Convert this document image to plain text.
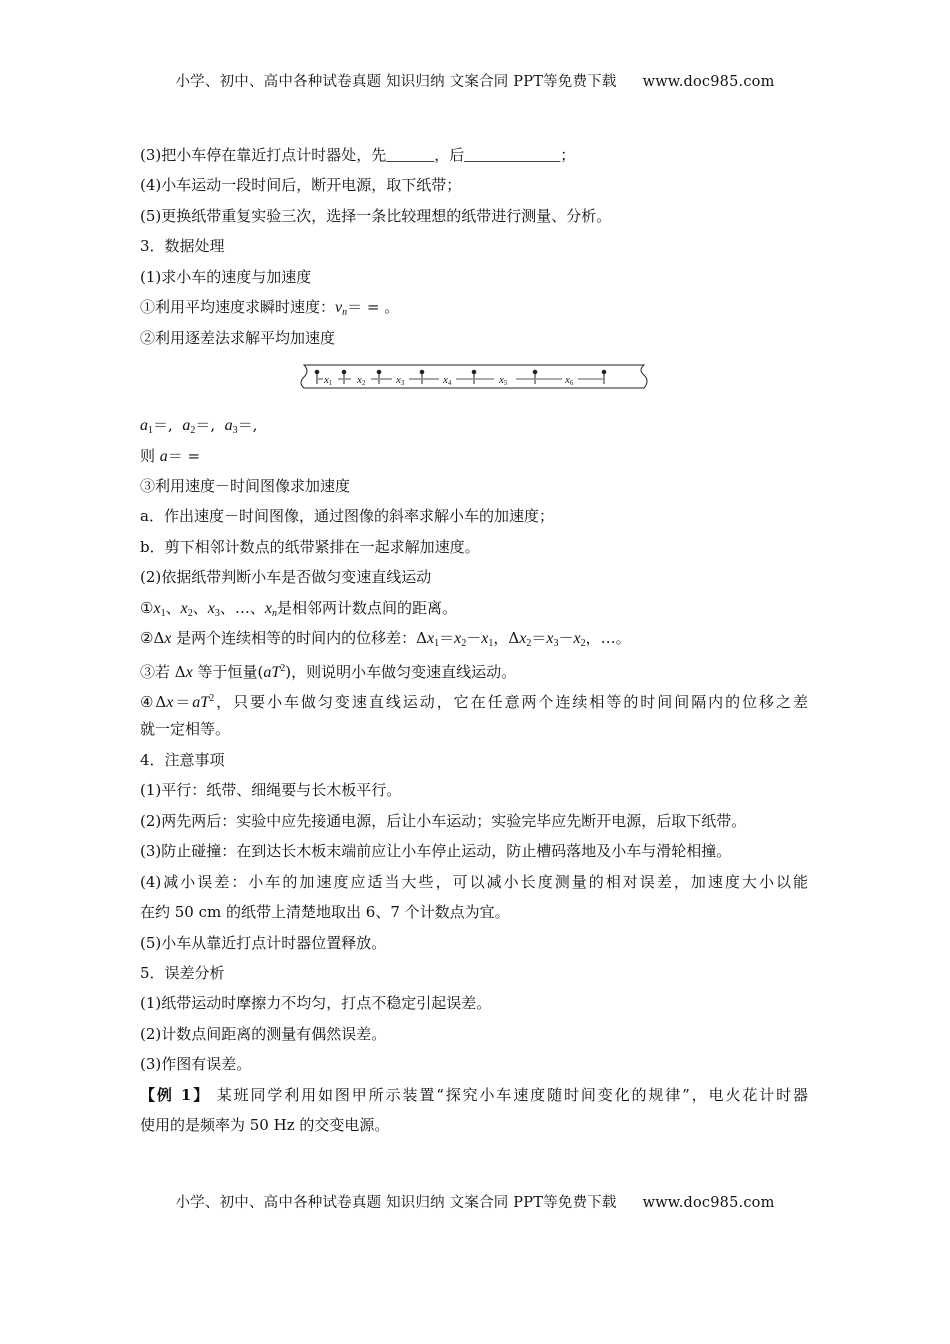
小学、初中、高中各种试卷真题 知识归纳 文案合同 PPT等免费下载 www.doc985.com
(3)把小车停在靠近打点计时器处，先______，后____________；
(4)小车运动一段时间后，断开电源，取下纸带；
(5)更换纸带重复实验三次，选择一条比较理想的纸带进行测量、分析。
3．数据处理
(1)求小车的速度与加速度
①利用平均速度求瞬时速度：$v_n=$ = 。
②利用逐差法求解平均加速度
$a_1=$,  $a_2=$,  $a_3=$,
则 a＝ =
③利用速度－时间图像求加速度
a．作出速度－时间图像，通过图像的斜率求解小车的加速度；
b．剪下相邻计数点的纸带紧排在一起求解加速度。
(2)依据纸带判断小车是否做匀变速直线运动
$①x_1$、$x_2$、$x_3$、…、$x_n$是相邻两计数点间的距离。
②Δx 是两个连续相等的时间内的位移差：$\Delta x_1=x_2-x_1$，$\Delta x_2=x_3-x_2$，…。
③若 Δx 等于恒量$(aT^2)$，则说明小车做匀变速直线运动。
$④\Delta x=aT^2$，只要小车做匀变速直线运动，它在任意两个连续相等的时间间隔内的位移之差
就一定相等。
4．注意事项
(1)平行：纸带、细绳要与长木板平行。
(2)两先两后：实验中应先接通电源，后让小车运动；实验完毕应先断开电源，后取下纸带。
(3)防止碰撞：在到达长木板末端前应让小车停止运动，防止槽码落地及小车与滑轮相撞。
(4)减小误差：小车的加速度应适当大些，可以减小长度测量的相对误差，加速度大小以能
在约 50 cm 的纸带上清楚地取出 6、7 个计数点为宜。
(5)小车从靠近打点计时器位置释放。
5．误差分析
(1)纸带运动时摩擦力不均匀，打点不稳定引起误差。
(2)计数点间距离的测量有偶然误差。
(3)作图有误差。
【例 1】 某班同学利用如图甲所示装置“探究小车速度随时间变化的规律”，电火花计时器
使用的是频率为 50 Hz 的交变电源。
x1 x2	x3	x4	x5	x6
小学、初中、高中各种试卷真题 知识归纳 文案合同 PPT等免费下载 www.doc985.com
